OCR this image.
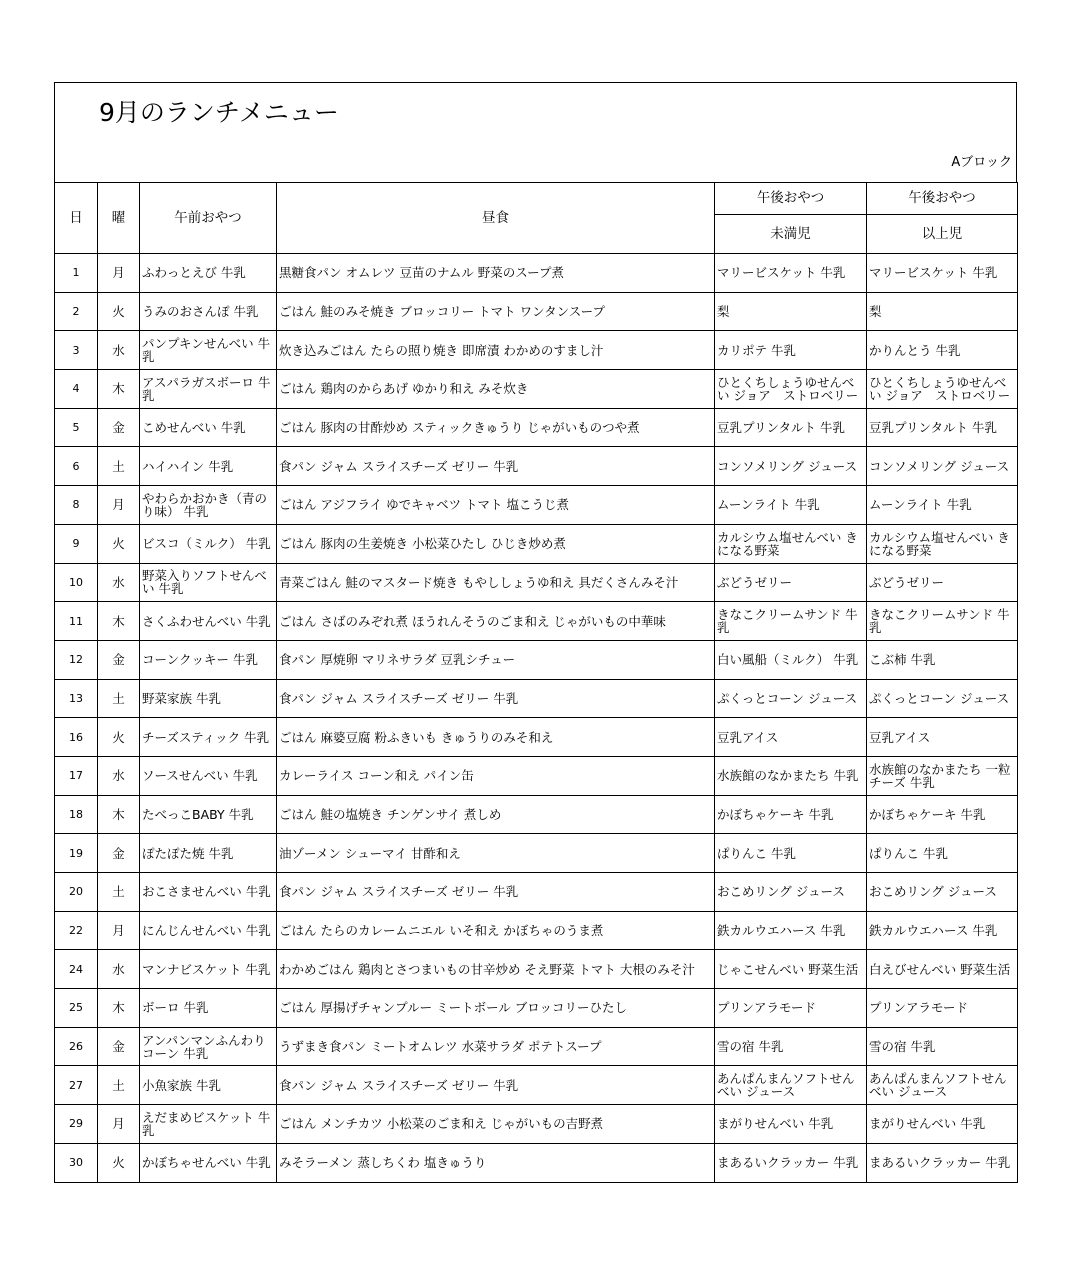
9月のランチメニュー
Aブロック
日	曜	午前おやつ	昼食	午後おやつ	午後おやつ
				未満児	以上児
1	月	ふわっとえび 牛乳	黒糖食パン オムレツ 豆苗のナムル 野菜のスープ煮	マリービスケット 牛乳	マリービスケット 牛乳
2	火	うみのおさんぽ 牛乳	ごはん 鮭のみそ焼き ブロッコリー トマト ワンタンスープ	梨	梨
3	水	パンプキンせんべい 牛乳	炊き込みごはん たらの照り焼き 即席漬 わかめのすまし汁	カリポテ 牛乳	かりんとう 牛乳
4	木	アスパラガスボーロ 牛乳	ごはん 鶏肉のからあげ ゆかり和え みそ炊き	ひとくちしょうゆせんべい ジョア　ストロベリー	ひとくちしょうゆせんべい ジョア　ストロベリー
5	金	こめせんべい 牛乳	ごはん 豚肉の甘酢炒め スティックきゅうり じゃがいものつや煮	豆乳プリンタルト 牛乳	豆乳プリンタルト 牛乳
6	土	ハイハイン 牛乳	食パン ジャム スライスチーズ ゼリー 牛乳	コンソメリング ジュース	コンソメリング ジュース
8	月	やわらかおかき（青のり味） 牛乳	ごはん アジフライ ゆでキャベツ トマト 塩こうじ煮	ムーンライト 牛乳	ムーンライト 牛乳
9	火	ビスコ（ミルク） 牛乳	ごはん 豚肉の生姜焼き 小松菜ひたし ひじき炒め煮	カルシウム塩せんべい きになる野菜	カルシウム塩せんべい きになる野菜
10	水	野菜入りソフトせんべい 牛乳	青菜ごはん 鮭のマスタード焼き もやししょうゆ和え 具だくさんみそ汁	ぶどうゼリー	ぶどうゼリー
11	木	さくふわせんべい 牛乳	ごはん さばのみぞれ煮 ほうれんそうのごま和え じゃがいもの中華味	きなこクリームサンド 牛乳	きなこクリームサンド 牛乳
12	金	コーンクッキー 牛乳	食パン 厚焼卵 マリネサラダ 豆乳シチュー	白い風船（ミルク） 牛乳	こぶ柿 牛乳
13	土	野菜家族 牛乳	食パン ジャム スライスチーズ ゼリー 牛乳	ぷくっとコーン ジュース	ぷくっとコーン ジュース
16	火	チーズスティック 牛乳	ごはん 麻婆豆腐 粉ふきいも きゅうりのみそ和え	豆乳アイス	豆乳アイス
17	水	ソースせんべい 牛乳	カレーライス コーン和え パイン缶	水族館のなかまたち 牛乳	水族館のなかまたち 一粒チーズ 牛乳
18	木	たべっこBABY 牛乳	ごはん 鮭の塩焼き チンゲンサイ 煮しめ	かぼちゃケーキ 牛乳	かぼちゃケーキ 牛乳
19	金	ぽたぽた焼 牛乳	油ゾーメン シューマイ 甘酢和え	ぱりんこ 牛乳	ぱりんこ 牛乳
20	土	おこさませんべい 牛乳	食パン ジャム スライスチーズ ゼリー 牛乳	おこめリング ジュース	おこめリング ジュース
22	月	にんじんせんべい 牛乳	ごはん たらのカレームニエル いそ和え かぼちゃのうま煮	鉄カルウエハース 牛乳	鉄カルウエハース 牛乳
24	水	マンナビスケット 牛乳	わかめごはん 鶏肉とさつまいもの甘辛炒め そえ野菜 トマト 大根のみそ汁	じゃこせんべい 野菜生活	白えびせんべい 野菜生活
25	木	ボーロ 牛乳	ごはん 厚揚げチャンプルー ミートボール ブロッコリーひたし	プリンアラモード	プリンアラモード
26	金	アンパンマンふんわりコーン 牛乳	うずまき食パン ミートオムレツ 水菜サラダ ポテトスープ	雪の宿 牛乳	雪の宿 牛乳
27	土	小魚家族 牛乳	食パン ジャム スライスチーズ ゼリー 牛乳	あんぱんまんソフトせんべい ジュース	あんぱんまんソフトせんべい ジュース
29	月	えだまめビスケット 牛乳	ごはん メンチカツ 小松菜のごま和え じゃがいもの吉野煮	まがりせんべい 牛乳	まがりせんべい 牛乳
30	火	かぼちゃせんべい 牛乳	みそラーメン 蒸しちくわ 塩きゅうり	まあるいクラッカー 牛乳	まあるいクラッカー 牛乳
